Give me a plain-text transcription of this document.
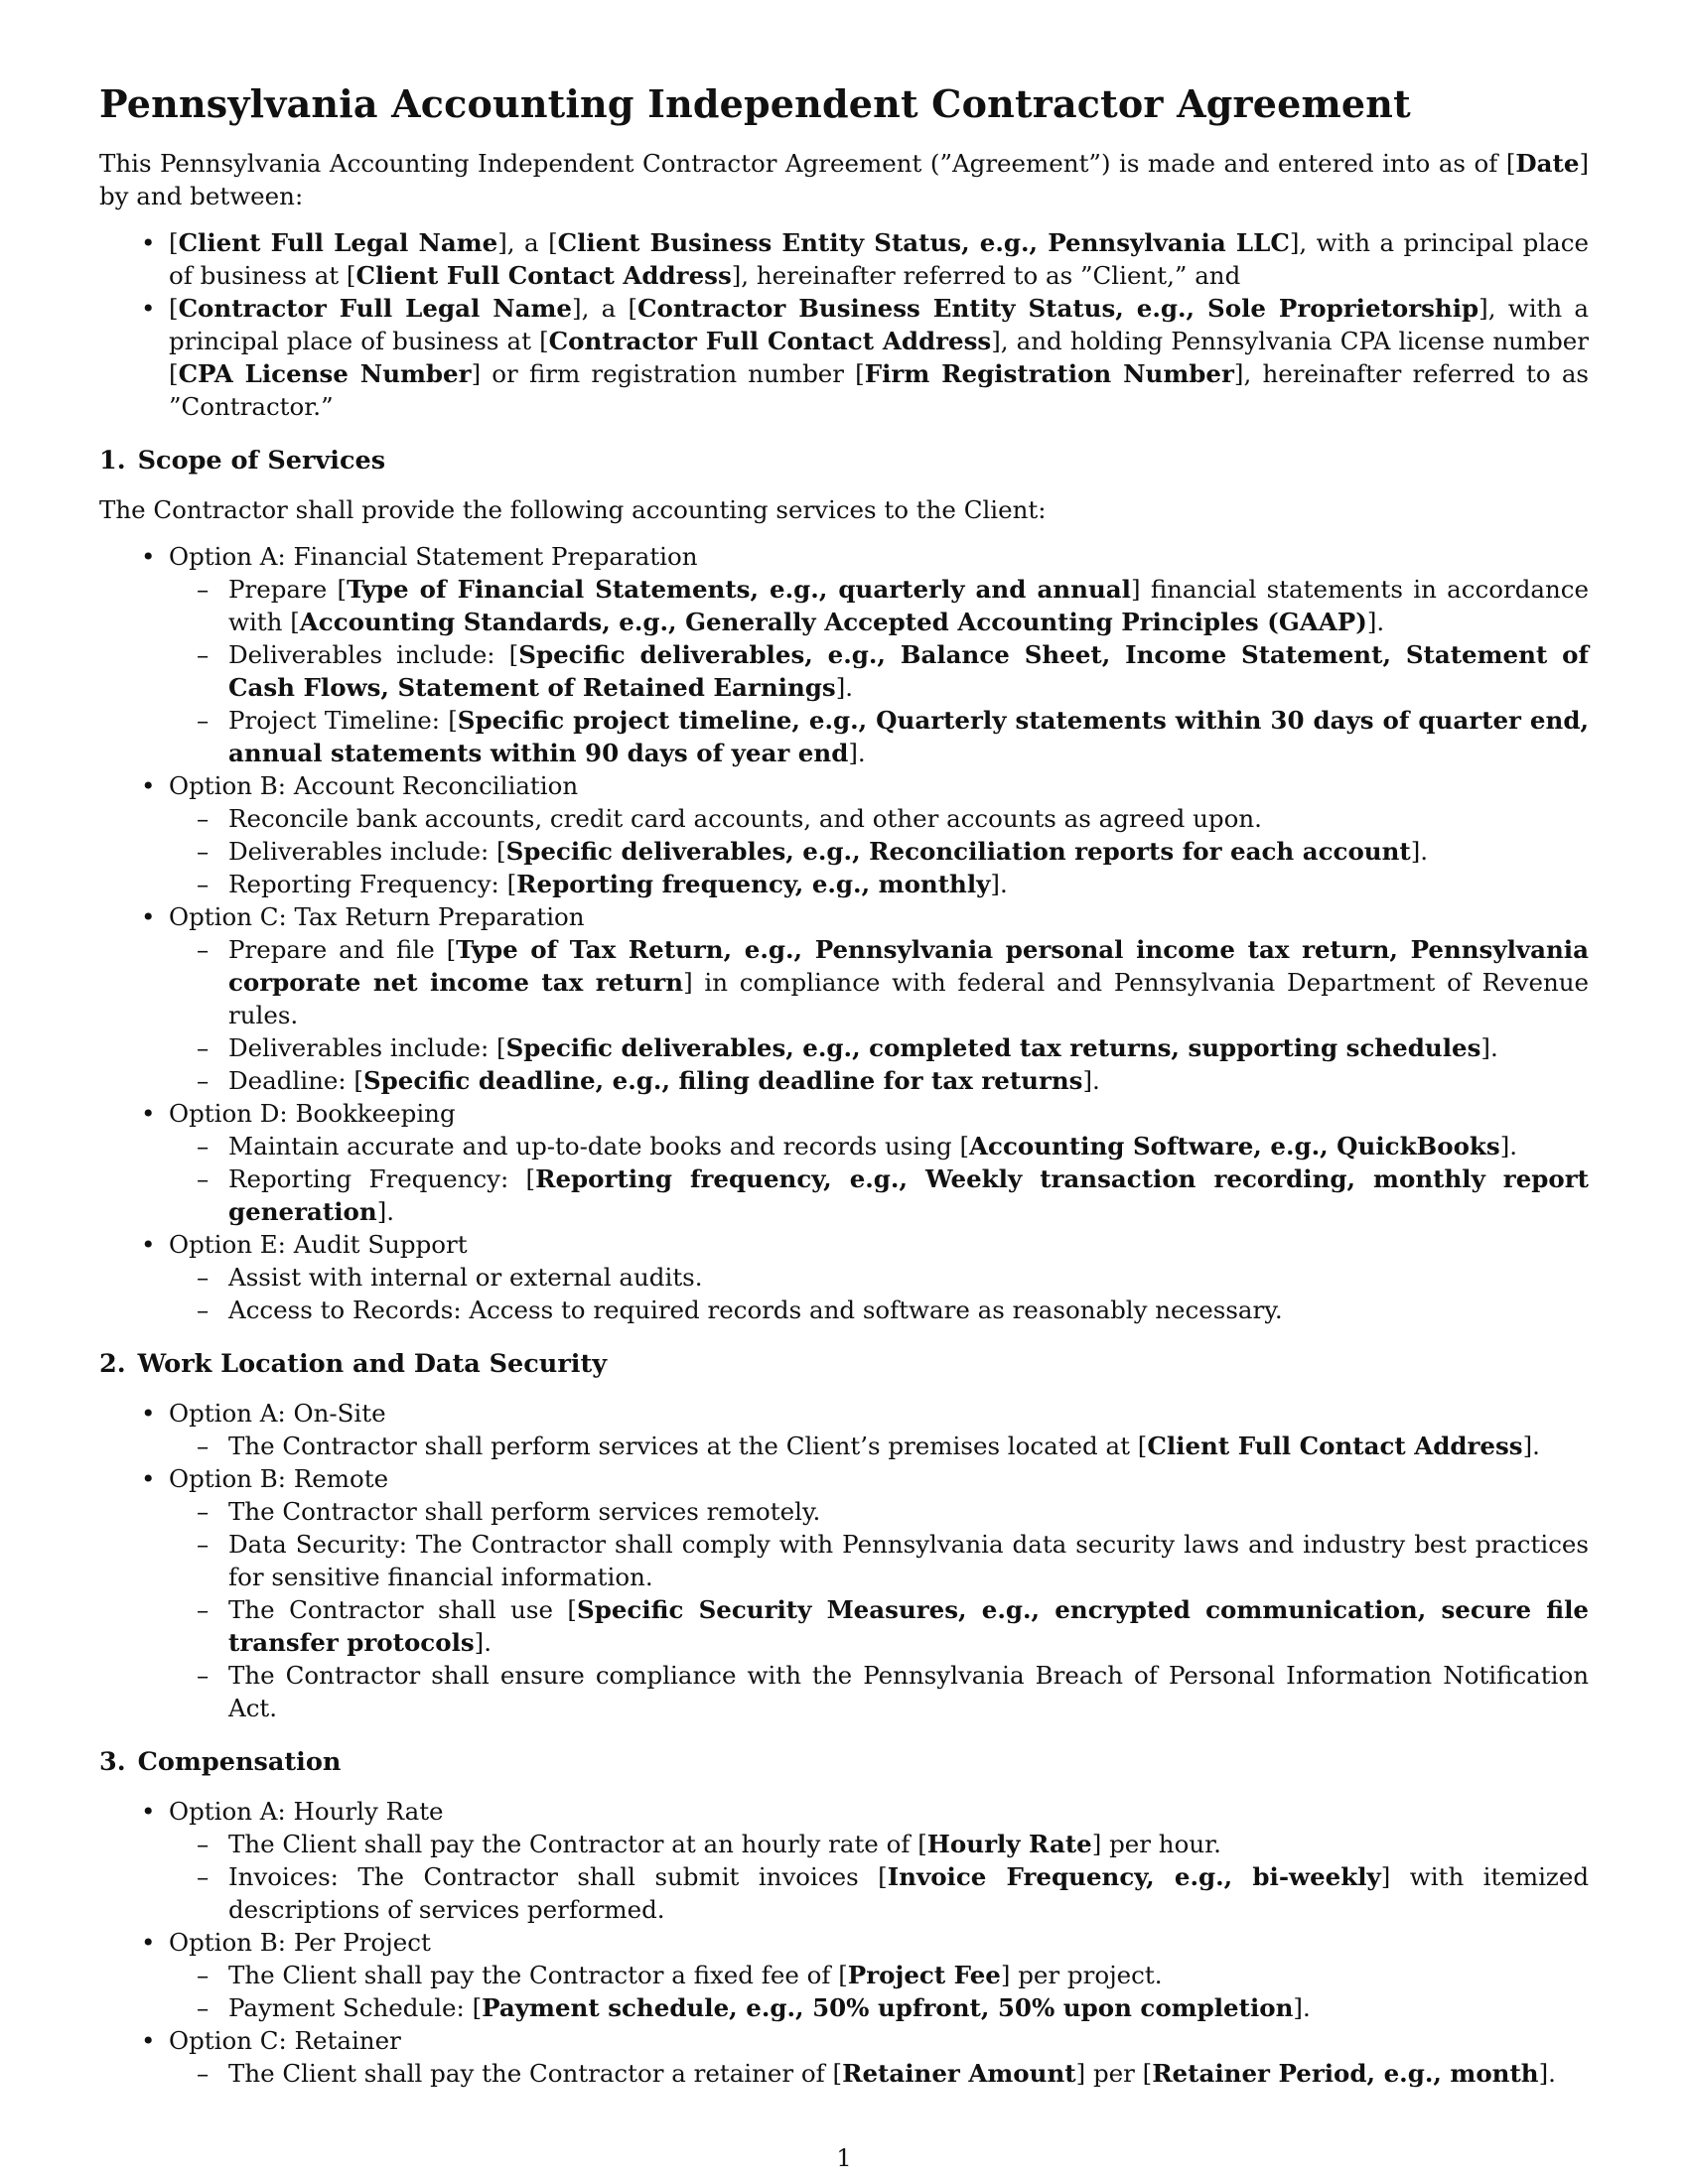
Pennsylvania Accounting Independent Contractor Agreement

This Pennsylvania Accounting Independent Contractor Agreement (”Agreement”) is made and entered into as of [Date] by and between:

• [Client Full Legal Name], a [Client Business Entity Status, e.g., Pennsylvania LLC], with a principal place of business at [Client Full Contact Address], hereinafter referred to as ”Client,” and
• [Contractor Full Legal Name], a [Contractor Business Entity Status, e.g., Sole Proprietorship], with a principal place of business at [Contractor Full Contact Address], and holding Pennsylvania CPA license number [CPA License Number] or firm registration number [Firm Registration Number], hereinafter referred to as ”Contractor.”
1. Scope of Services

The Contractor shall provide the following accounting services to the Client:

• Option A: Financial Statement Preparation
– Prepare [Type of Financial Statements, e.g., quarterly and annual] financial statements in accordance with [Accounting Standards, e.g., Generally Accepted Accounting Principles (GAAP)].
– Deliverables include: [Specific deliverables, e.g., Balance Sheet, Income Statement, Statement of Cash Flows, Statement of Retained Earnings].
– Project Timeline: [Specific project timeline, e.g., Quarterly statements within 30 days of quarter end, annual statements within 90 days of year end].
• Option B: Account Reconciliation
– Reconcile bank accounts, credit card accounts, and other accounts as agreed upon.
– Deliverables include: [Specific deliverables, e.g., Reconciliation reports for each account].
– Reporting Frequency: [Reporting frequency, e.g., monthly].
• Option C: Tax Return Preparation
– Prepare and file [Type of Tax Return, e.g., Pennsylvania personal income tax return, Pennsylvania corporate net income tax return] in compliance with federal and Pennsylvania Department of Revenue rules.
– Deliverables include: [Specific deliverables, e.g., completed tax returns, supporting schedules].
– Deadline: [Specific deadline, e.g., filing deadline for tax returns].
• Option D: Bookkeeping
– Maintain accurate and up-to-date books and records using [Accounting Software, e.g., QuickBooks].
– Reporting Frequency: [Reporting frequency, e.g., Weekly transaction recording, monthly report generation].
• Option E: Audit Support
– Assist with internal or external audits.
– Access to Records: Access to required records and software as reasonably necessary.
2. Work Location and Data Security
• Option A: On-Site
– The Contractor shall perform services at the Client’s premises located at [Client Full Contact Address].
• Option B: Remote
– The Contractor shall perform services remotely.
– Data Security: The Contractor shall comply with Pennsylvania data security laws and industry best practices for sensitive financial information.
– The Contractor shall use [Specific Security Measures, e.g., encrypted communication, secure file transfer protocols].
– The Contractor shall ensure compliance with the Pennsylvania Breach of Personal Information Notification Act.
3. Compensation
• Option A: Hourly Rate
– The Client shall pay the Contractor at an hourly rate of [Hourly Rate] per hour.
– Invoices: The Contractor shall submit invoices [Invoice Frequency, e.g., bi-weekly] with itemized descriptions of services performed.
• Option B: Per Project
– The Client shall pay the Contractor a fixed fee of [Project Fee] per project.
– Payment Schedule: [Payment schedule, e.g., 50% upfront, 50% upon completion].
• Option C: Retainer
– The Client shall pay the Contractor a retainer of [Retainer Amount] per [Retainer Period, e.g., month].
1
